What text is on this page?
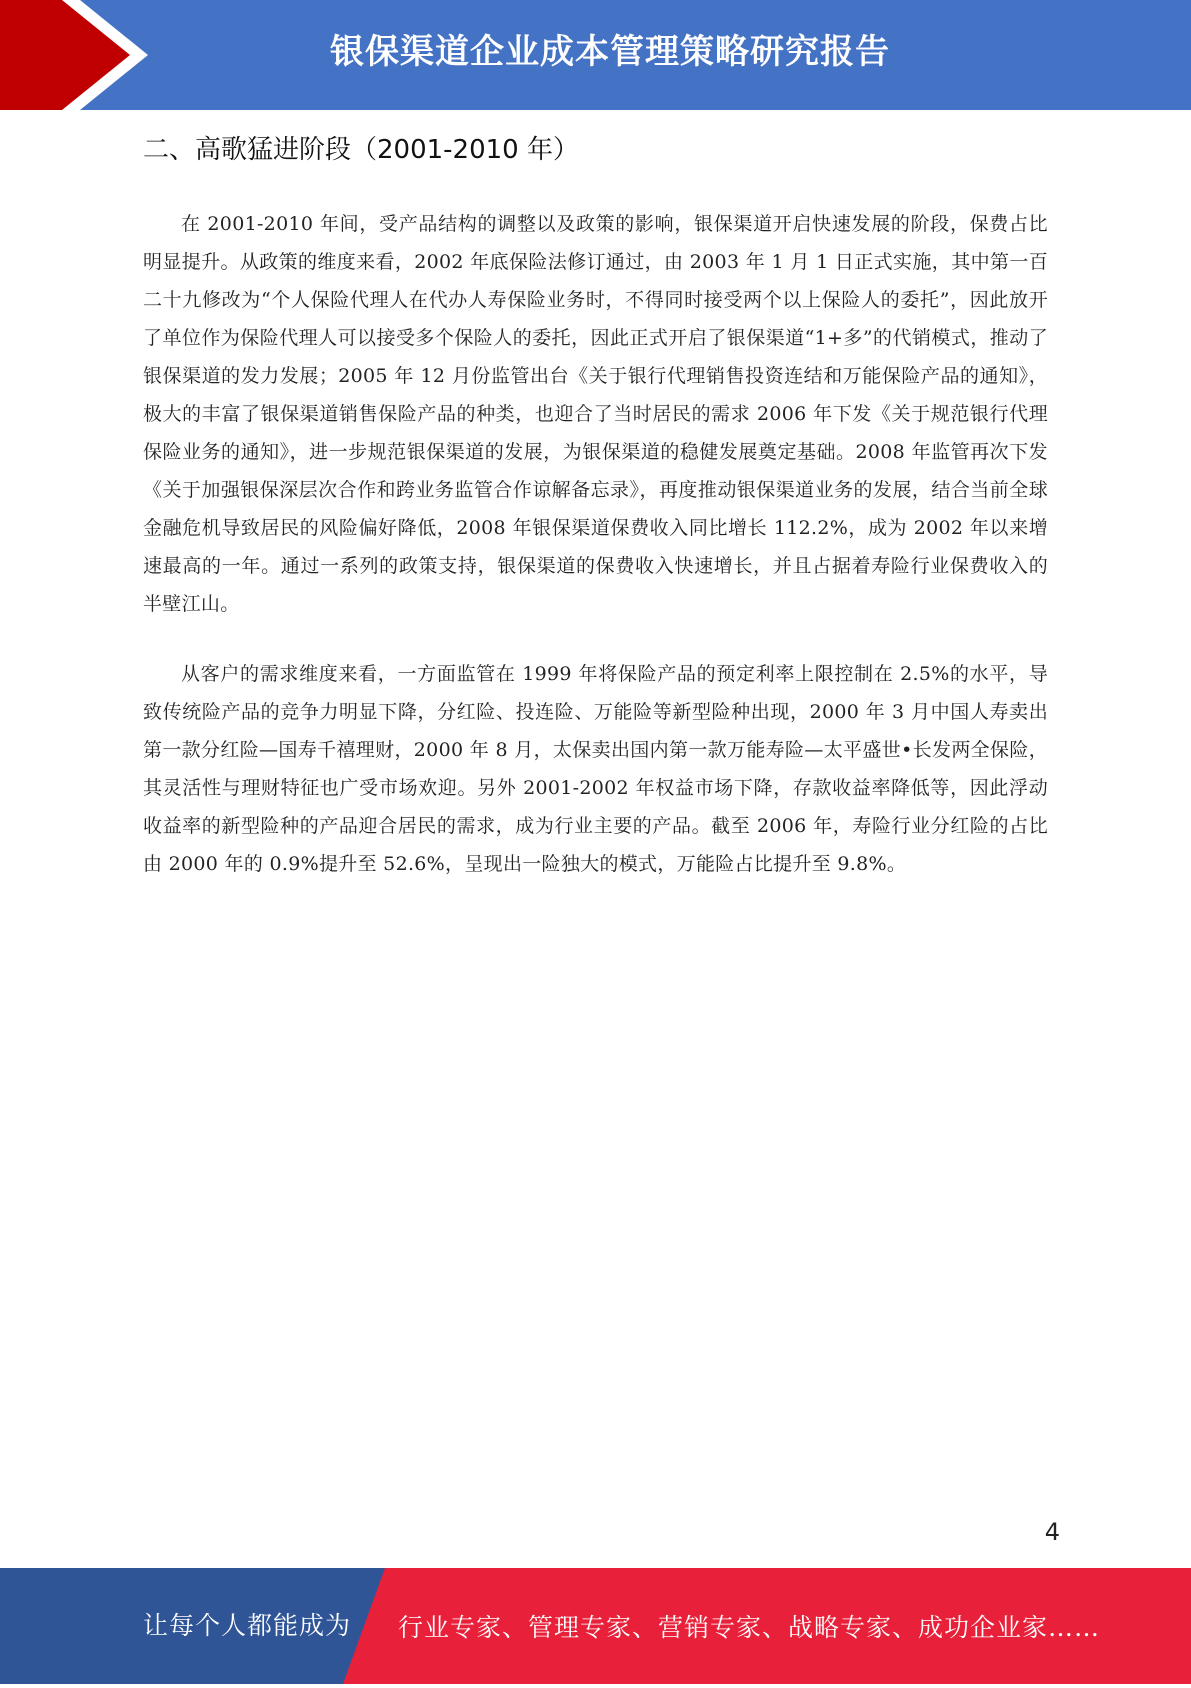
银保渠道企业成本管理策略研究报告
二、高歌猛进阶段（2001-2010 年）

在 2001-2010 年间，受产品结构的调整以及政策的影响，银保渠道开启快速发展的阶段，保费占比明显提升。从政策的维度来看，2002 年底保险法修订通过，由 2003 年 1 月 1 日正式实施，其中第一百二十九修改为“个人保险代理人在代办人寿保险业务时，不得同时接受两个以上保险人的委托”，因此放开了单位作为保险代理人可以接受多个保险人的委托，因此正式开启了银保渠道“1+多”的代销模式，推动了银保渠道的发力发展；2005 年 12 月份监管出台《关于银行代理销售投资连结和万能保险产品的通知》，极大的丰富了银保渠道销售保险产品的种类，也迎合了当时居民的需求 2006 年下发《关于规范银行代理保险业务的通知》，进一步规范银保渠道的发展，为银保渠道的稳健发展奠定基础。2008 年监管再次下发《关于加强银保深层次合作和跨业务监管合作谅解备忘录》，再度推动银保渠道业务的发展，结合当前全球金融危机导致居民的风险偏好降低，2008 年银保渠道保费收入同比增长 112.2%，成为 2002 年以来增速最高的一年。通过一系列的政策支持，银保渠道的保费收入快速增长，并且占据着寿险行业保费收入的半壁江山。

从客户的需求维度来看，一方面监管在 1999 年将保险产品的预定利率上限控制在 2.5%的水平，导致传统险产品的竞争力明显下降，分红险、投连险、万能险等新型险种出现，2000 年 3 月中国人寿卖出第一款分红险—国寿千禧理财，2000 年 8 月，太保卖出国内第一款万能寿险—太平盛世•长发两全保险，其灵活性与理财特征也广受市场欢迎。另外 2001-2002 年权益市场下降，存款收益率降低等，因此浮动收益率的新型险种的产品迎合居民的需求，成为行业主要的产品。截至 2006 年，寿险行业分红险的占比由 2000 年的 0.9%提升至 52.6%，呈现出一险独大的模式，万能险占比提升至 9.8%。

4
让每个人都能成为 行业专家、管理专家、营销专家、战略专家、成功企业家……
